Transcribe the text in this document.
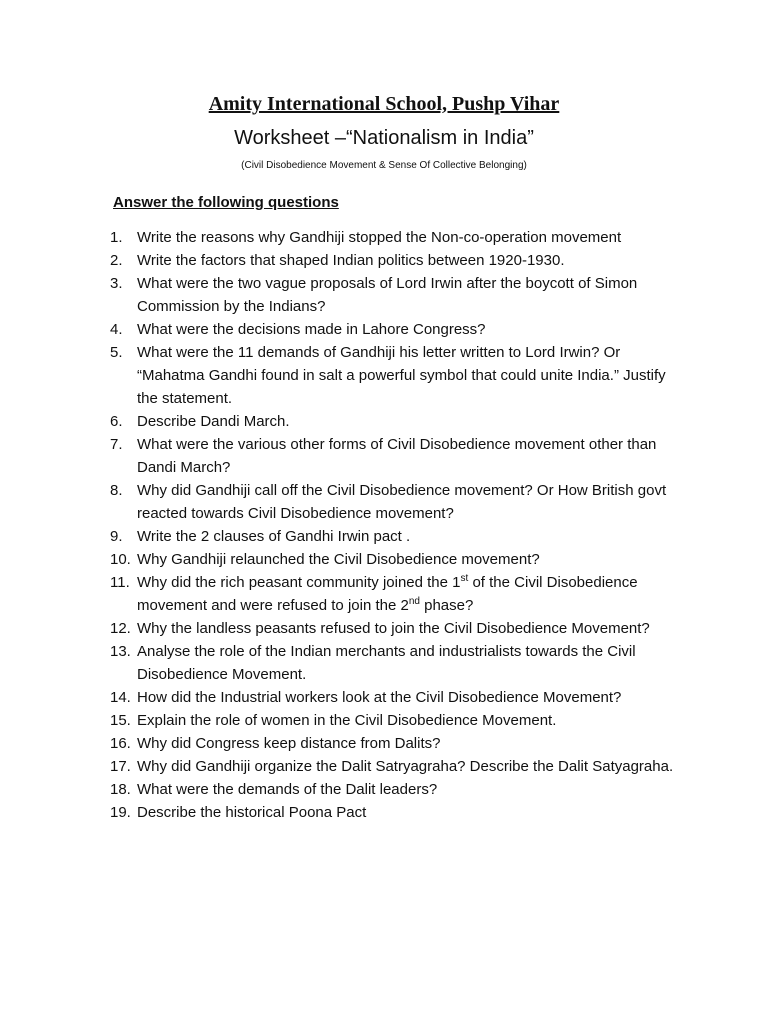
Amity International School, Pushp Vihar
Worksheet –“Nationalism in India”
(Civil Disobedience Movement & Sense Of Collective Belonging)
Answer the following questions
1. Write the reasons why Gandhiji stopped the Non-co-operation movement
2. Write the factors that shaped Indian politics between 1920-1930.
3. What were the two vague proposals of Lord Irwin after the boycott of Simon Commission by the Indians?
4. What were the decisions made in Lahore Congress?
5. What were the 11 demands of Gandhiji his letter written to Lord Irwin? Or “Mahatma Gandhi found in salt a powerful symbol that could unite India.” Justify the statement.
6. Describe Dandi March.
7. What were the various other forms of Civil Disobedience movement other than Dandi March?
8. Why did Gandhiji call off the Civil Disobedience movement? Or How British govt reacted towards Civil Disobedience movement?
9. Write the 2 clauses of Gandhi Irwin pact .
10. Why Gandhiji relaunched the Civil Disobedience movement?
11. Why did the rich peasant community joined the 1st of the Civil Disobedience movement and were refused to join the 2nd phase?
12. Why the landless peasants refused to join the Civil Disobedience Movement?
13. Analyse the role of the Indian merchants and industrialists towards the Civil Disobedience Movement.
14. How did the Industrial workers look at the Civil Disobedience Movement?
15. Explain the role of women in the Civil Disobedience Movement.
16. Why did Congress keep distance from Dalits?
17. Why did Gandhiji organize the Dalit Satryagraha? Describe the Dalit Satyagraha.
18. What were the demands of the Dalit leaders?
19. Describe the historical Poona Pact
